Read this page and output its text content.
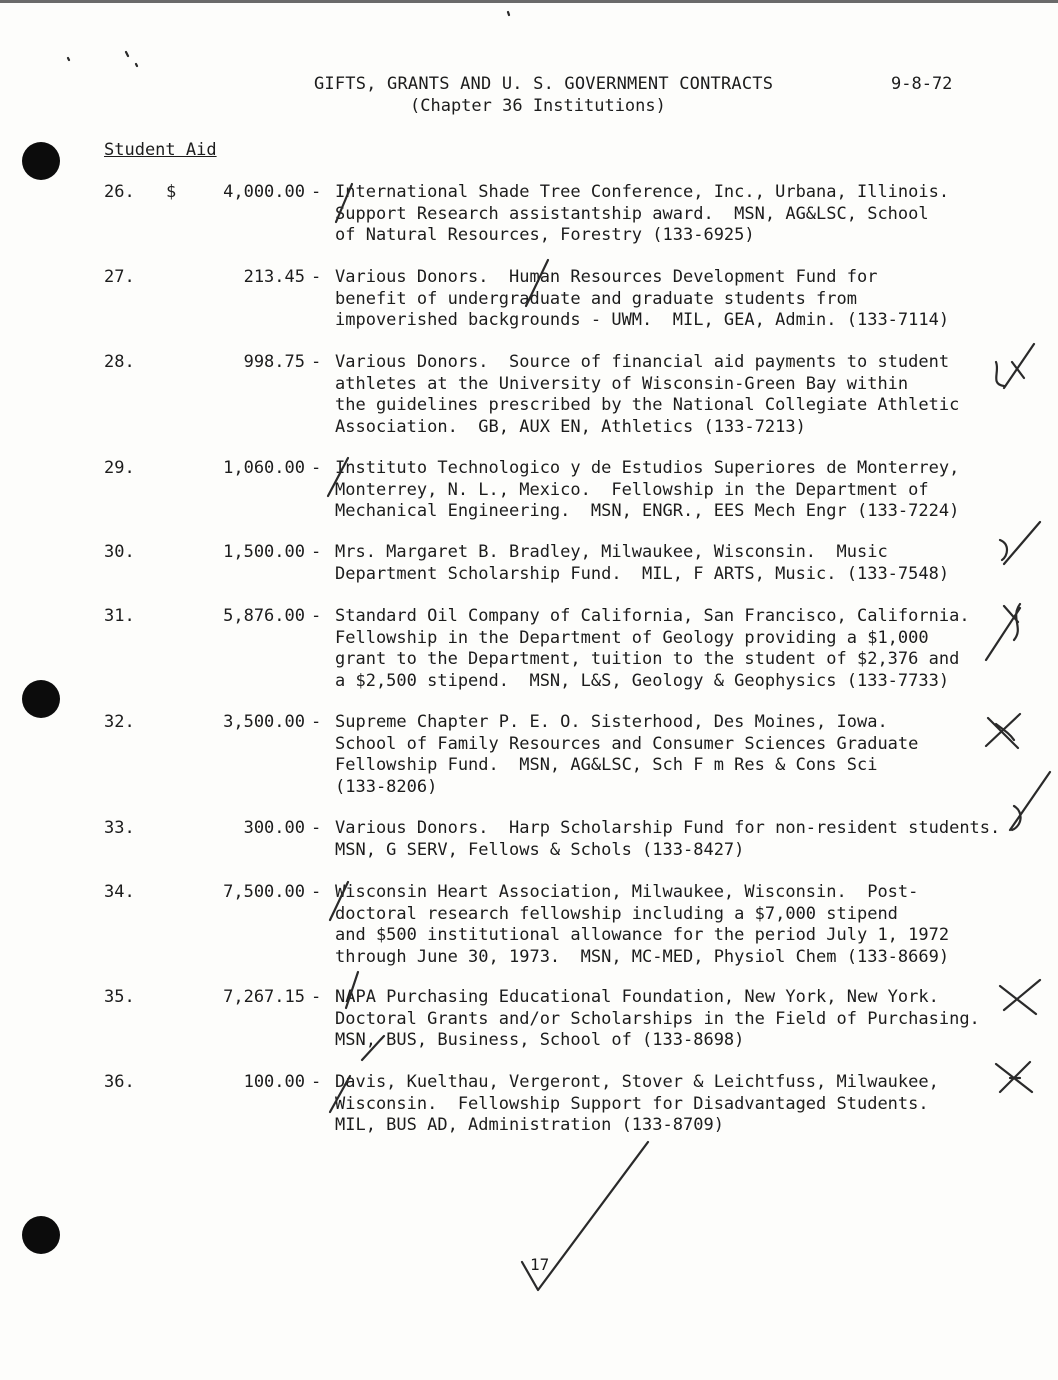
GIFTS, GRANTS AND U. S. GOVERNMENT CONTRACTS
(Chapter 36 Institutions)
9-8-72
Student Aid
26. $	4,000.00 - International Shade Tree Conference, Inc., Urbana, Illinois.
Support Research assistantship award.  MSN, AG&LSC, School
of Natural Resources, Forestry (133-6925)
27.	213.45 - Various Donors.  Human Resources Development Fund for
benefit of undergraduate and graduate students from
impoverished backgrounds - UWM.  MIL, GEA, Admin. (133-7114)
28.	998.75 - Various Donors.  Source of financial aid payments to student
athletes at the University of Wisconsin-Green Bay within
the guidelines prescribed by the National Collegiate Athletic
Association.  GB, AUX EN, Athletics (133-7213)
29.	1,060.00 - Instituto Technologico y de Estudios Superiores de Monterrey,
Monterrey, N. L., Mexico.  Fellowship in the Department of
Mechanical Engineering.  MSN, ENGR., EES Mech Engr (133-7224)
30.	1,500.00 - Mrs. Margaret B. Bradley, Milwaukee, Wisconsin.  Music
Department Scholarship Fund.  MIL, F ARTS, Music. (133-7548)
31.	5,876.00 - Standard Oil Company of California, San Francisco, California.
Fellowship in the Department of Geology providing a $1,000
grant to the Department, tuition to the student of $2,376 and
a $2,500 stipend.  MSN, L&S, Geology & Geophysics (133-7733)
32.	3,500.00 - Supreme Chapter P. E. O. Sisterhood, Des Moines, Iowa.
School of Family Resources and Consumer Sciences Graduate
Fellowship Fund.  MSN, AG&LSC, Sch F m Res & Cons Sci
(133-8206)
33.	300.00 - Various Donors.  Harp Scholarship Fund for non-resident students.
MSN, G SERV, Fellows & Schols (133-8427)
34.	7,500.00 - Wisconsin Heart Association, Milwaukee, Wisconsin.  Post-
doctoral research fellowship including a $7,000 stipend
and $500 institutional allowance for the period July 1, 1972
through June 30, 1973.  MSN, MC-MED, Physiol Chem (133-8669)
35.	7,267.15 - NAPA Purchasing Educational Foundation, New York, New York.
Doctoral Grants and/or Scholarships in the Field of Purchasing.
MSN, BUS, Business, School of (133-8698)
36.	100.00 - Davis, Kuelthau, Vergeront, Stover & Leichtfuss, Milwaukee,
Wisconsin.  Fellowship Support for Disadvantaged Students.
MIL, BUS AD, Administration (133-8709)
17
